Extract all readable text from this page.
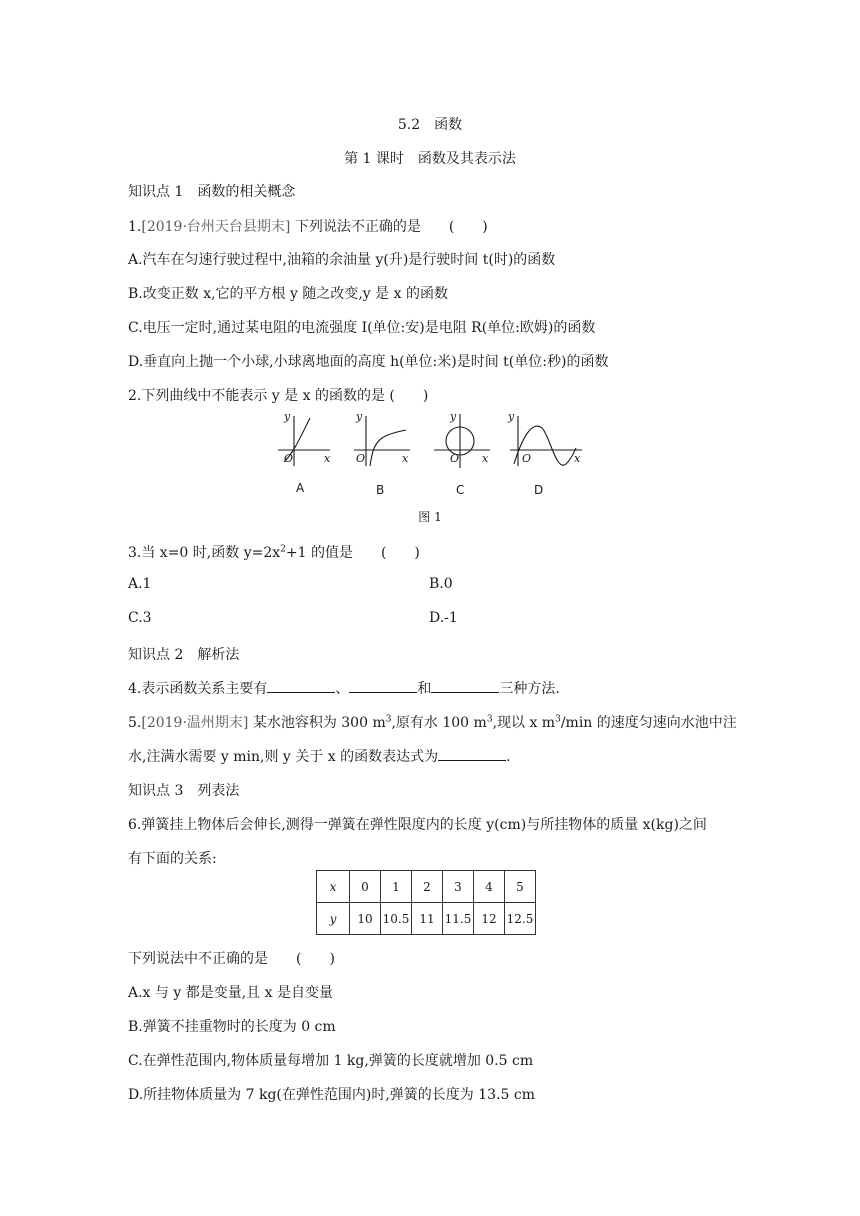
5.2　函数
第 1 课时　函数及其表示法
知识点 1　函数的相关概念
1.[2019·台州天台县期末] 下列说法不正确的是　　(　　)
A.汽车在匀速行驶过程中,油箱的余油量 y(升)是行驶时间 t(时)的函数
B.改变正数 x,它的平方根 y 随之改变,y 是 x 的函数
C.电压一定时,通过某电阻的电流强度 I(单位:安)是电阻 R(单位:欧姆)的函数
D.垂直向上抛一个小球,小球离地面的高度 h(单位:米)是时间 t(单位:秒)的函数
2.下列曲线中不能表示 y 是 x 的函数的是 (　　)
y
x
O
y
x
O
y
x
O
y
x
O
A	B	C	D
图 1
3.当 x=0 时,函数 $y=2x^2+1$ 的值是　　(　　)
A.1	B.0
C.3	D.-1
知识点 2　解析法
4.表示函数关系主要有	、	和	三种方法.
5.[2019·温州期末] 某水池容积为 300 $m^3$,原有水 100 $m^3$,现以 x $m^3/\min$ 的速度匀速向水池中注
水,注满水需要 y min,则 y 关于 x 的函数表达式为	.
知识点 3　列表法
6.弹簧挂上物体后会伸长,测得一弹簧在弹性限度内的长度 y(cm)与所挂物体的质量 x(kg)之间
有下面的关系:
x	0	1	2	3	4	5
y	10	10.5	11	11.5	12	12.5
下列说法中不正确的是　　(　　)
A.x 与 y 都是变量,且 x 是自变量
B.弹簧不挂重物时的长度为 0 cm
C.在弹性范围内,物体质量每增加 1 kg,弹簧的长度就增加 0.5 cm
D.所挂物体质量为 7 kg(在弹性范围内)时,弹簧的长度为 13.5 cm
